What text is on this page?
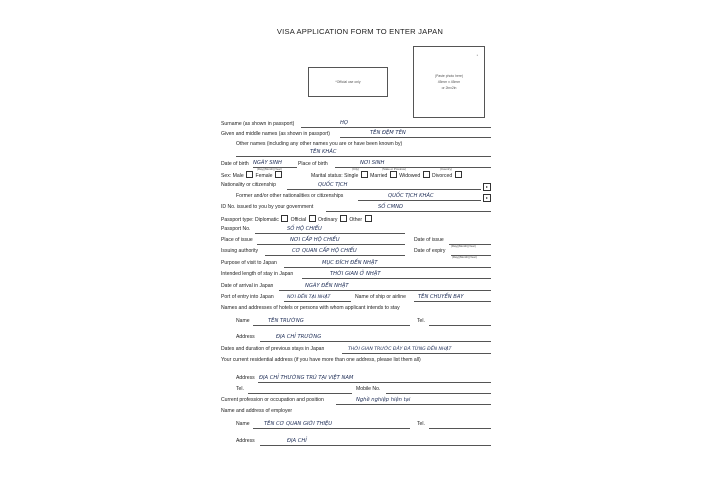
VISA APPLICATION FORM TO ENTER JAPAN
*Official use only
*
(Paste photo here)
45mm x 45mm
or 2inx2in
Surname (as shown in passport)	HỌ
Given and middle names (as shown in passport)	TÊN ĐỆM TÊN
Other names (including any other names you are or have been known by)
TÊN KHÁC
Date of birth NGÀY SINH
(Day)(Month)(Year)
Place of birth	NƠI SINH
(City)	(State or Province)	(Country)
Sex: Male Female	Marital status: Single Married Widowed Divorced
Nationality or citizenship	QUỐC TỊCH	▸
Former and/or other nationalities or citizenships	QUỐC TỊCH KHÁC	▸
ID No. issued to you by your government	SỐ CMND
Passport type: Diplomatic Official Ordinary Other
Passport No.	SỐ HỘ CHIẾU
Place of issue	NƠI CẤP HỘ CHIẾU	Date of issue
(Day)(Month)(Year)
Issuing authority	CƠ QUAN CẤP HỘ CHIẾU	Date of expiry
(Day)(Month)(Year)
Purpose of visit to Japan	MỤC ĐÍCH ĐẾN NHẬT
Intended length of stay in Japan	THỜI GIAN Ở NHẬT
Date of arrival in Japan	NGÀY ĐẾN NHẬT
Port of entry into Japan	NƠI ĐẾN TẠI NHẬT	Name of ship or airline TÊN CHUYẾN BAY
Names and addresses of hotels or persons with whom applicant intends to stay
Name	TÊN TRƯỜNG	Tel.
Address	ĐỊA CHỈ TRƯỜNG
Dates and duration of previous stays in Japan	THỜI GIAN TRƯỚC ĐÂY ĐÃ TỪNG ĐẾN NHẬT
Your current residential address (if you have more than one address, please list them all)
Address ĐỊA CHỈ THƯỜNG TRÚ TẠI VIỆT NAM
Tel.	Mobile No.
Current profession or occupation and position	Nghề nghiệp hiện tại
Name and address of employer
Name	TÊN CƠ QUAN GIỚI THIỆU	Tel.
Address	ĐỊA CHỈ
